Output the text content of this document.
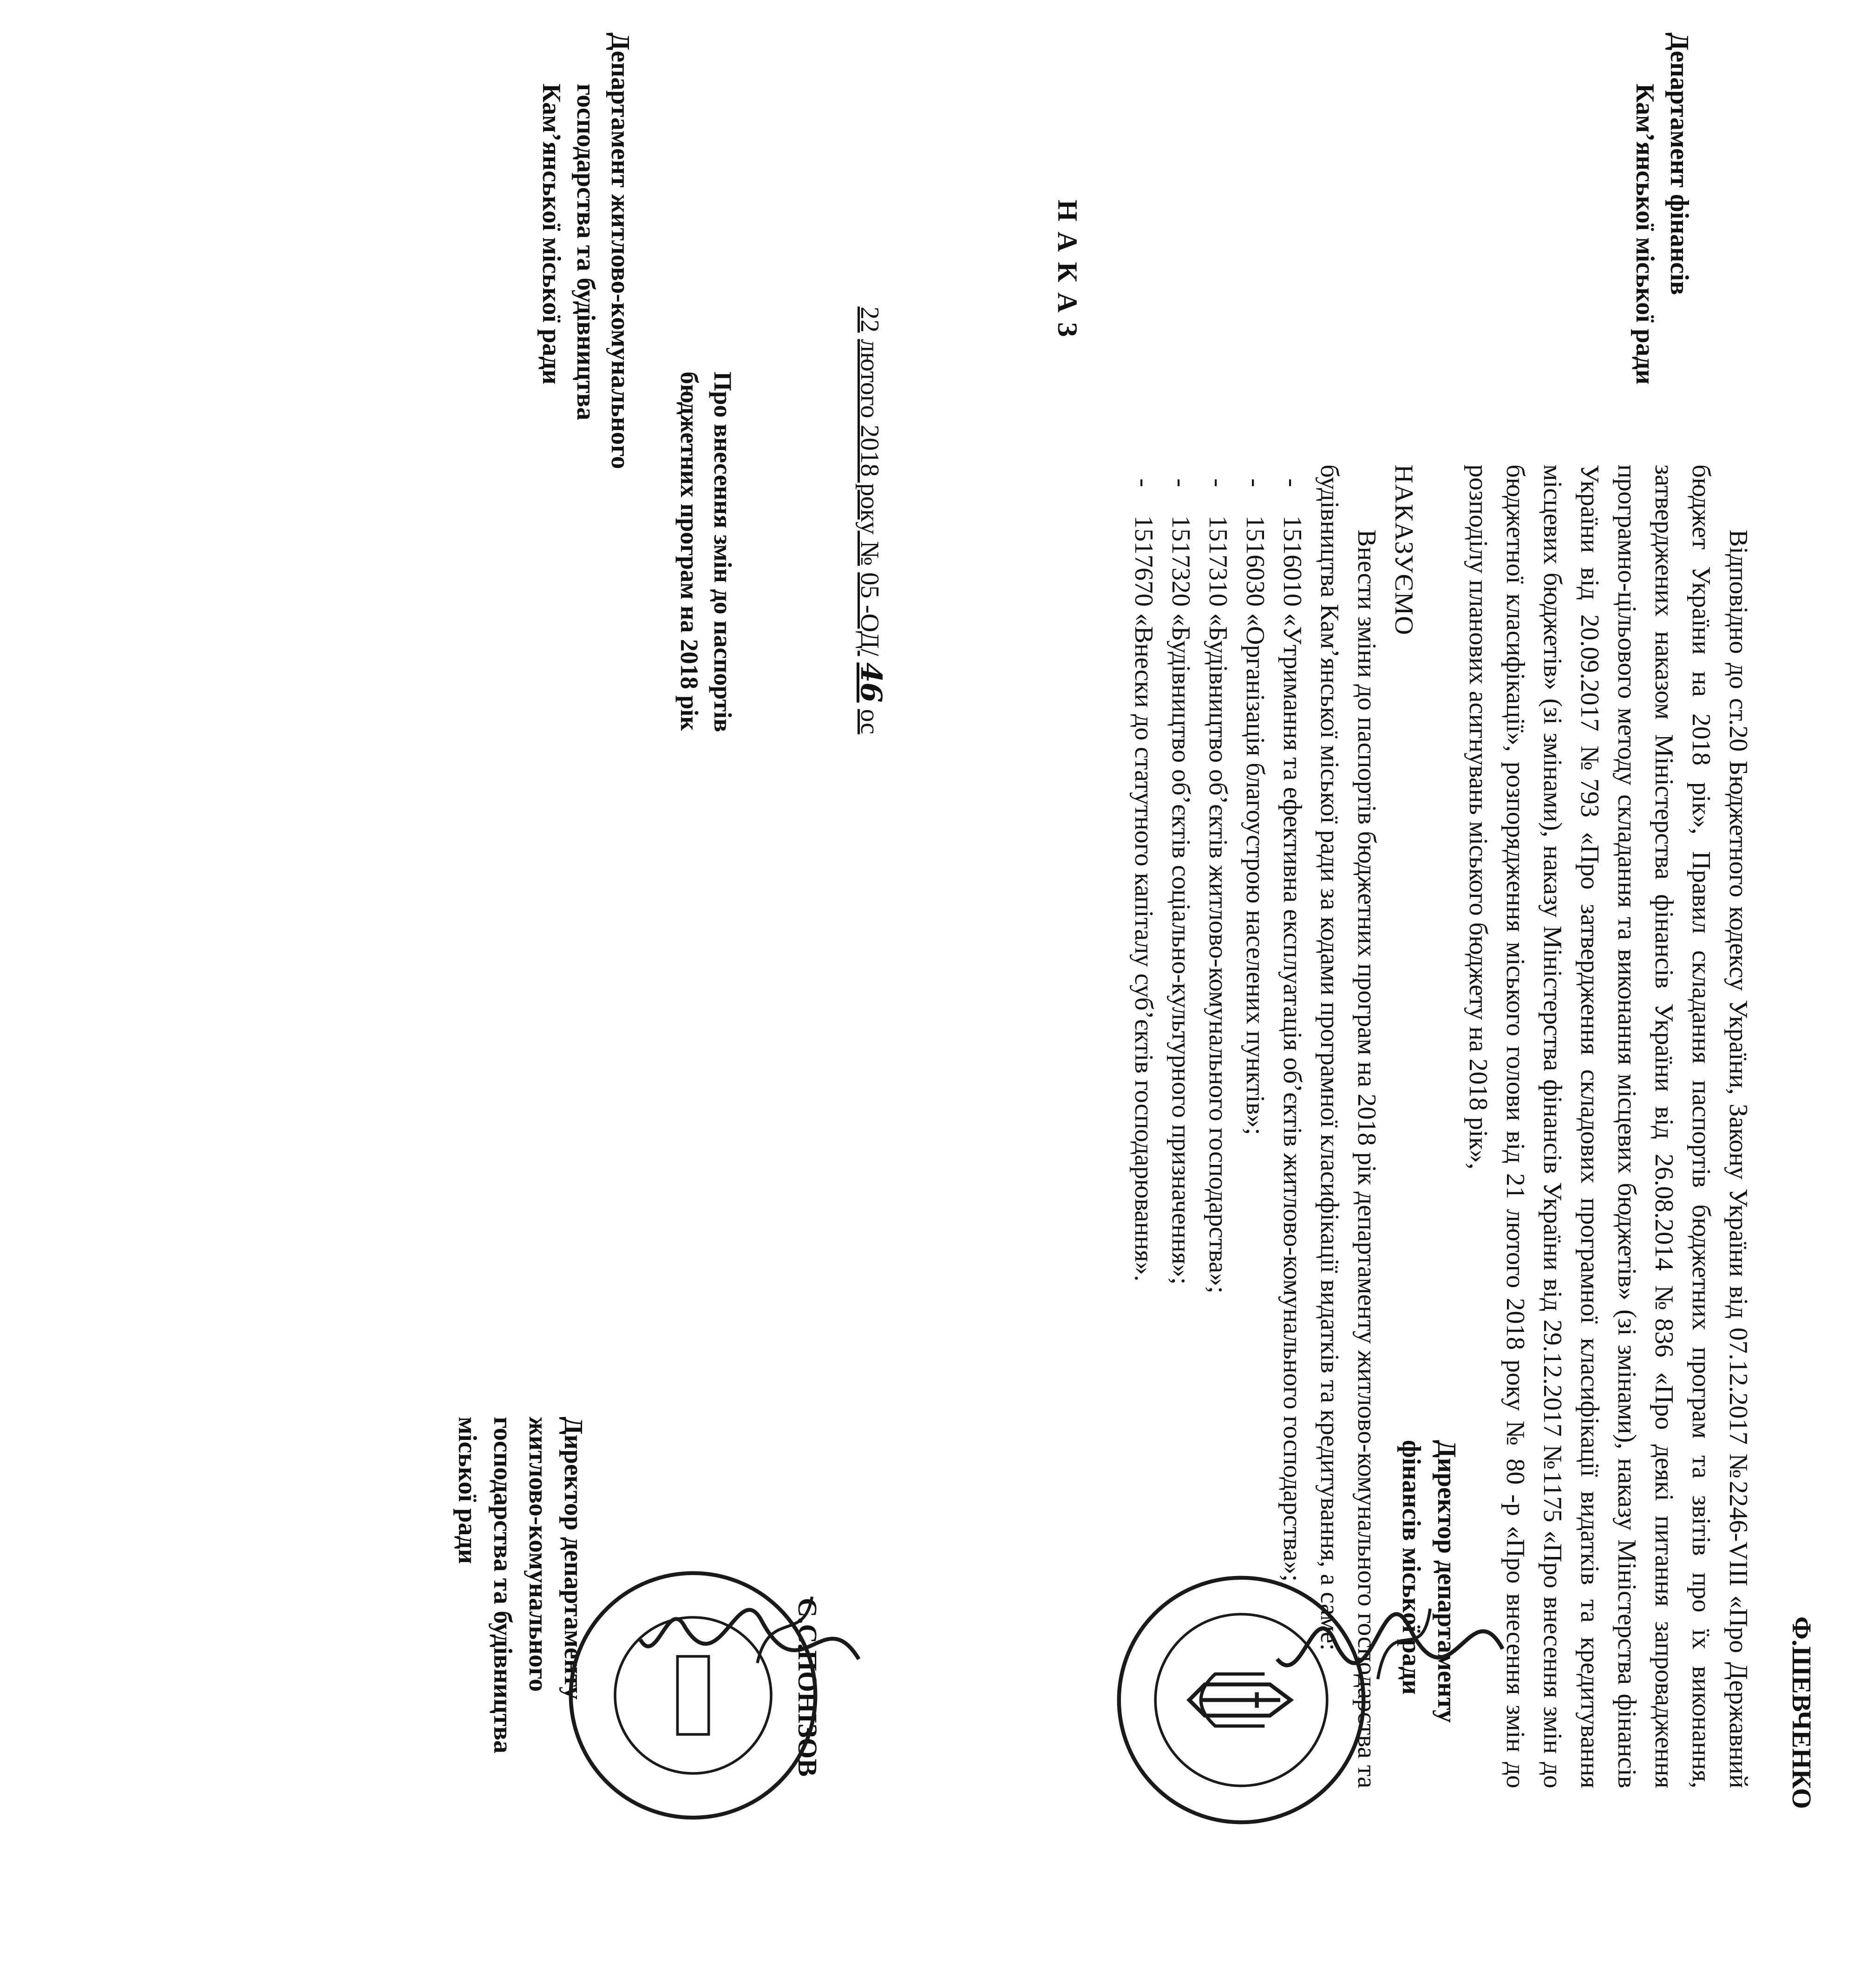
Департамент житлово-комунального
господарства та будівництва
Кам’янської міської ради	Департамент фінансів
Кам’янської міської ради
НАКАЗ
22 лютого 2018 року № 05 -ОД/ 46 ос
Про внесення змін до паспортів
бюджетних програм на 2018 рік	Відповідно до ст.20 Бюджетного кодексу України, Закону України від 07.12.2017 №2246-VIII «Про Державний бюджет України на 2018 рік», Правил складання паспортів бюджетних програм та звітів про їх виконання, затверджених наказом Міністерства фінансів України від 26.08.2014 №836 «Про деякі питання запровадження програмно-цільового методу складання та виконання місцевих бюджетів» (зі змінами), наказу Міністерства фінансів України від 20.09.2017 №793 «Про затвердження складових програмної класифікації видатків та кредитування місцевих бюджетів» (зі змінами), наказу Міністерства фінансів України від 29.12.2017 №1175 «Про внесення змін до бюджетної класифікації», розпорядження міського голови від 21 лютого 2018 року № 80 -р «Про внесення змін до розподілу планових асигнувань міського бюджету на 2018 рік»,

НАКАЗУЄМО

Внести зміни до паспортів бюджетних програм на 2018 рік департаменту житлово-комунального господарства та будівництва Кам’янської міської ради за кодами програмної класифікації видатків та кредитування, а саме:

-
1516010 «Утримання та ефективна експлуатація об’єктів житлово-комунального господарства»;
-
1516030 «Організація благоустрою населених пунктів»;
-
1517310 «Будівництво об’єктів житлово-комунального господарства»;
-
1517320 «Будівництво об’єктів соціально-культурного призначення»;
-
1517670 «Внески до статутного капіталу суб’єктів господарювання».
Директор департаменту
фінансів міської ради
Ф.ШЕВЧЕНКО
Директор департаменту
житлово-комунального
господарства та будівництва
міської ради
С.С.ПОНІЗОВ
